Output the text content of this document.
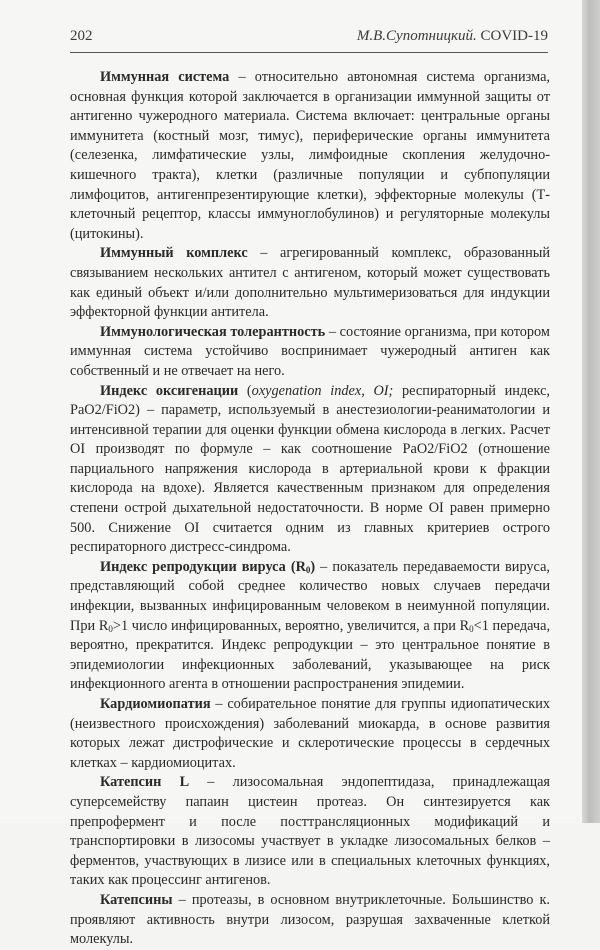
202	М.В.Супотницкий. COVID-19

Иммунная система – относительно автономная система организма, основная функция которой заключается в организации иммунной защиты от антигенно чужеродного материала. Система включает: центральные органы иммунитета (костный мозг, тимус), периферические органы иммунитета (селезенка, лимфатические узлы, лимфоидные скопления желудочно-кишечного тракта), клетки (различные популяции и субпопуляции лимфоцитов, антигенпрезентирующие клетки), эффекторные молекулы (Т-клеточный рецептор, классы иммуноглобулинов) и регуляторные молекулы (цитокины).

Иммунный комплекс – агрегированный комплекс, образованный связыванием нескольких антител с антигеном, который может существовать как единый объект и/или дополнительно мультимеризоваться для индукции эффекторной функции антитела.

Иммунологическая толерантность – состояние организма, при котором иммунная система устойчиво воспринимает чужеродный антиген как собственный и не отвечает на него.

Индекс оксигенации (oxygenation index, OI; респираторный индекс, PaO2/FiO2) – параметр, используемый в анестезиологии-реаниматологии и интенсивной терапии для оценки функции обмена кислорода в легких. Расчет OI производят по формуле – как соотношение PaO2/FiO2 (отношение парциального напряжения кислорода в артериальной крови к фракции кислорода на вдохе). Является качественным признаком для определения степени острой дыхательной недостаточности. В норме OI равен примерно 500. Снижение OI считается одним из главных критериев острого респираторного дистресс-синдрома.

Индекс репродукции вируса $(R_0)$ – показатель передаваемости вируса, представляющий собой среднее количество новых случаев передачи инфекции, вызванных инфицированным человеком в неимунной популяции. При $R_0>1$ число инфицированных, вероятно, увеличится, а при $R_0<1$ передача, вероятно, прекратится. Индекс репродукции – это центральное понятие в эпидемиологии инфекционных заболеваний, указывающее на риск инфекционного агента в отношении распространения эпидемии.

Кардиомиопатия – собирательное понятие для группы идиопатических (неизвестного происхождения) заболеваний миокарда, в основе развития которых лежат дистрофические и склеротические процессы в сердечных клетках – кардиомиоцитах.

Катепсин L – лизосомальная эндопептидаза, принадлежащая суперсемейству папаин цистеин протеаз. Он синтезируется как препрофермент и после посттрансляционных модификаций и транспортировки в лизосомы участвует в укладке лизосомальных белков – ферментов, участвующих в лизисе или в специальных клеточных функциях, таких как процессинг антигенов.

Катепсины – протеазы, в основном внутриклеточные. Большинство к. проявляют активность внутри лизосом, разрушая захваченные клеткой молекулы.
